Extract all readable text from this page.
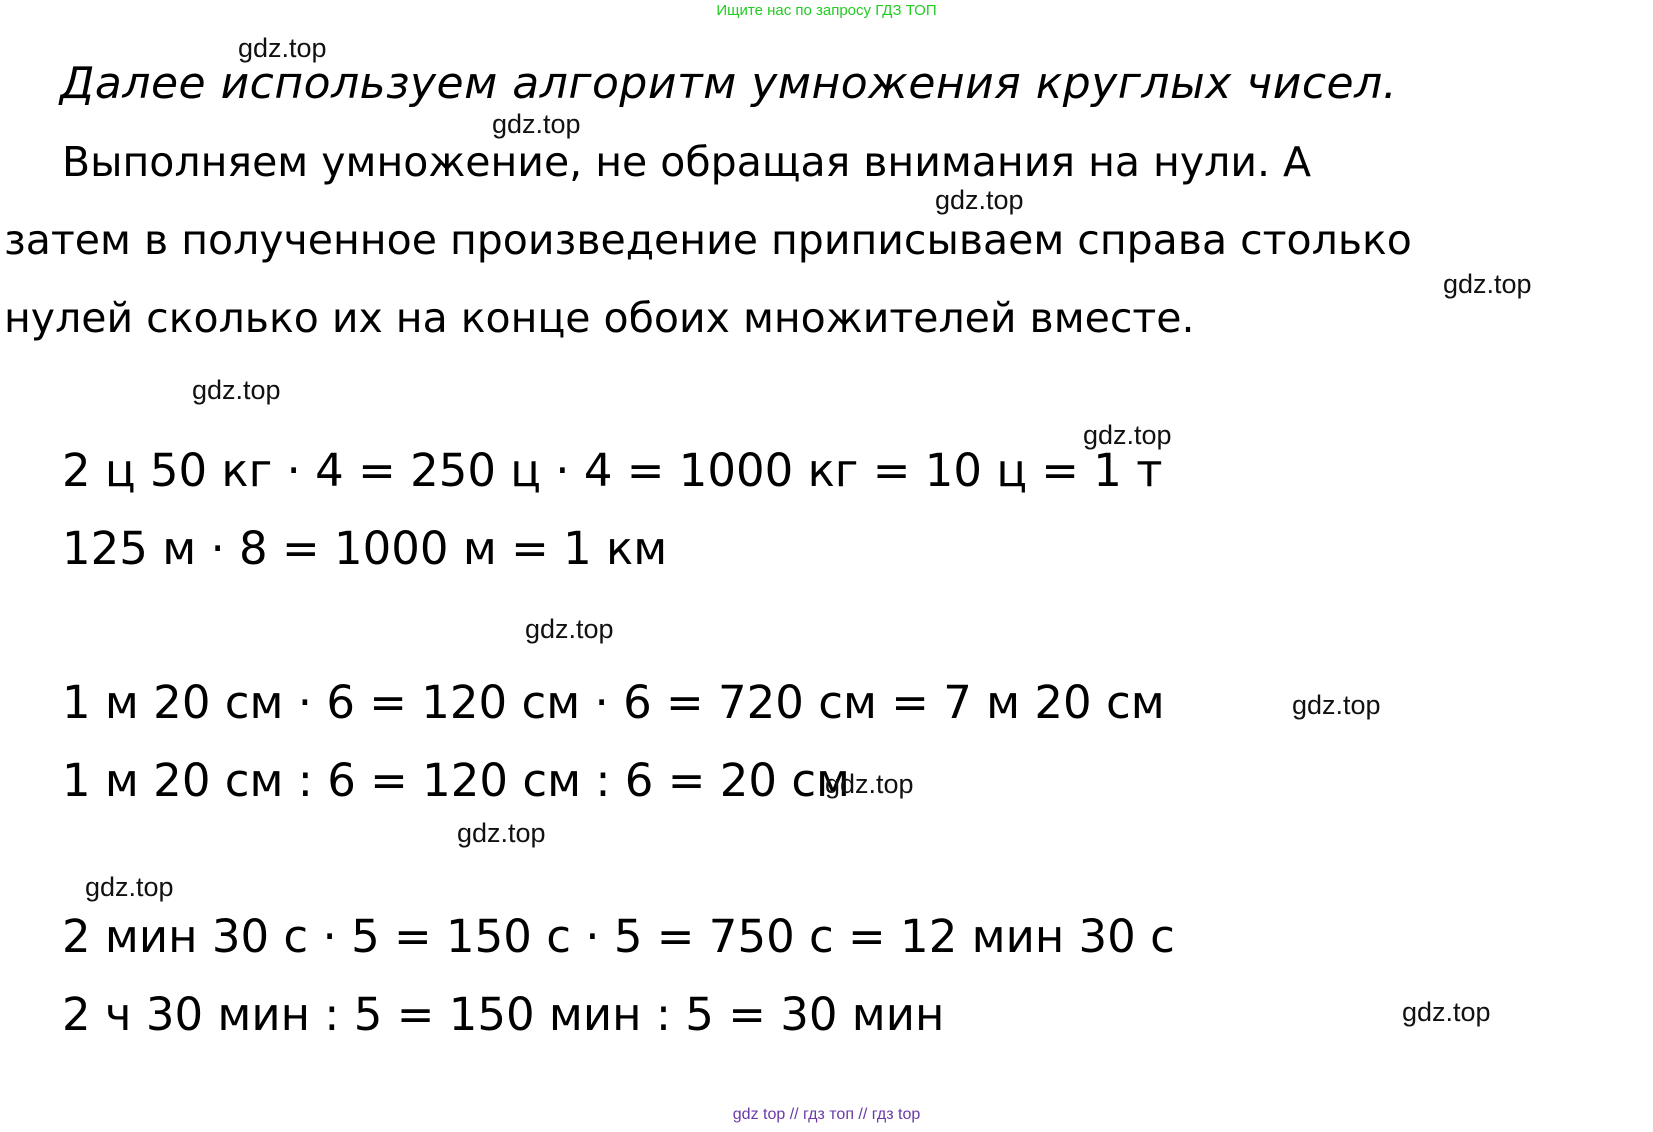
Ищите нас по запросу ГДЗ ТОП
Далее используем алгоритм умножения круглых чисел.
Выполняем умножение, не обращая внимания на нули. А
затем в полученное произведение приписываем справа столько
нулей сколько их на конце обоих множителей вместе.
2 ц 50 кг · 4 = 250 ц · 4 = 1000 кг = 10 ц = 1 т
125 м · 8 = 1000 м = 1 км
1 м 20 см · 6 = 120 см · 6 = 720 см = 7 м 20 см
1 м 20 см : 6 = 120 см : 6 = 20 см
2 мин 30 с · 5 = 150 с · 5 = 750 с = 12 мин 30 с
2 ч 30 мин : 5 = 150 мин : 5 = 30 мин
gdz.top
gdz.top
gdz.top
gdz.top
gdz.top
gdz.top
gdz.top
gdz.top
gdz.top
gdz.top
gdz.top
gdz.top
gdz top // гдз топ // гдз top
